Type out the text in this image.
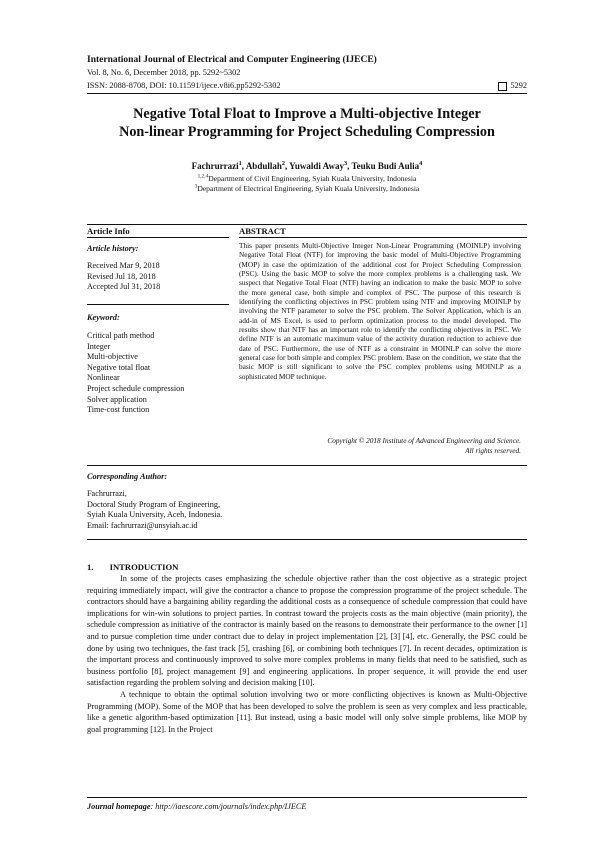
International Journal of Electrical and Computer Engineering (IJECE)
Vol. 8, No. 6, December 2018, pp. 5292~5302
ISSN: 2088-8708, DOI: 10.11591/ijece.v8i6.pp5292-5302	5292
Negative Total Float to Improve a Multi-objective Integer
Non-linear Programming for Project Scheduling Compression
Fachrurrazi$^1$, Abdullah$^2$, Yuwaldi Away$^3$, Teuku Budi Aulia$^4$
$^{1,2,4}$Department of Civil Engineering, Syiah Kuala University, Indonesia
$^3$Department of Electrical Engineering, Syiah Kuala University, Indonesia
Article Info	ABSTRACT
Article history:
Received Mar 9, 2018
Revised Jul 18, 2018
Accepted Jul 31, 2018
Keyword:
Critical path method
Integer
Multi-objective
Negative total float
Nonlinear
Project schedule compression
Solver application
Time-cost function
This paper presents Multi-Objective Integer Non-Linear Programming (MOINLP) involving Negative Total Float (NTF) for improving the basic model of Multi-Objective Programming (MOP) in case the optimization of the additional cost for Project Scheduling Compression (PSC). Using the basic MOP to solve the more complex problems is a challenging task. We suspect that Negative Total Float (NTF) having an indication to make the basic MOP to solve the more general case, both simple and complex of PSC. The purpose of this research is identifying the conflicting objectives in PSC problem using NTF and improving MOINLP by involving the NTF parameter to solve the PSC problem. The Solver Application, which is an add-in of MS Excel, is used to perform optimization process to the model developed. The results show that NTF has an important role to identify the conflicting objectives in PSC. We define NTF is an automatic maximum value of the activity duration reduction to achieve due date of PSC. Furthermore, the use of NTF as a constraint in MOINLP can solve the more general case for both simple and complex PSC problem. Base on the condition, we state that the basic MOP is still significant to solve the PSC complex problems using MOINLP as a sophisticated MOP technique.
Copyright © 2018 Institute of Advanced Engineering and Science.
All rights reserved.
Corresponding Author:
Fachrurrazi,
Doctoral Study Program of Engineering,
Syiah Kuala University, Aceh, Indonesia.
Email: fachrurrazi@unsyiah.ac.id
1. INTRODUCTION

In some of the projects cases emphasizing the schedule objective rather than the cost objective as a strategic project requiring immediately impact, will give the contractor a chance to propose the compression programme of the project schedule. The contractors should have a bargaining ability regarding the additional costs as a consequence of schedule compression that could have implications for win-win solutions to project parties. In contrast toward the projects costs as the main objective (main priority), the schedule compression as initiative of the contractor is mainly based on the reasons to demonstrate their performance to the owner [1] and to pursue completion time under contract due to delay in project implementation [2], [3] [4], etc. Generally, the PSC could be done by using two techniques, the fast track [5], crashing [6], or combining both techniques [7]. In recent decades, optimization is the important process and continuously improved to solve more complex problems in many fields that need to be satisfied, such as business portfolio [8], project management [9] and engineering applications. In proper sequence, it will provide the end user satisfaction regarding the problem solving and decision making [10].

A technique to obtain the optimal solution involving two or more conflicting objectives is known as Multi-Objective Programming (MOP). Some of the MOP that has been developed to solve the problem is seen as very complex and less practicable, like a genetic algorithm-based optimization [11]. But instead, using a basic model will only solve simple problems, like MOP by goal programming [12]. In the Project

Journal homepage: http://iaescore.com/journals/index.php/IJECE
